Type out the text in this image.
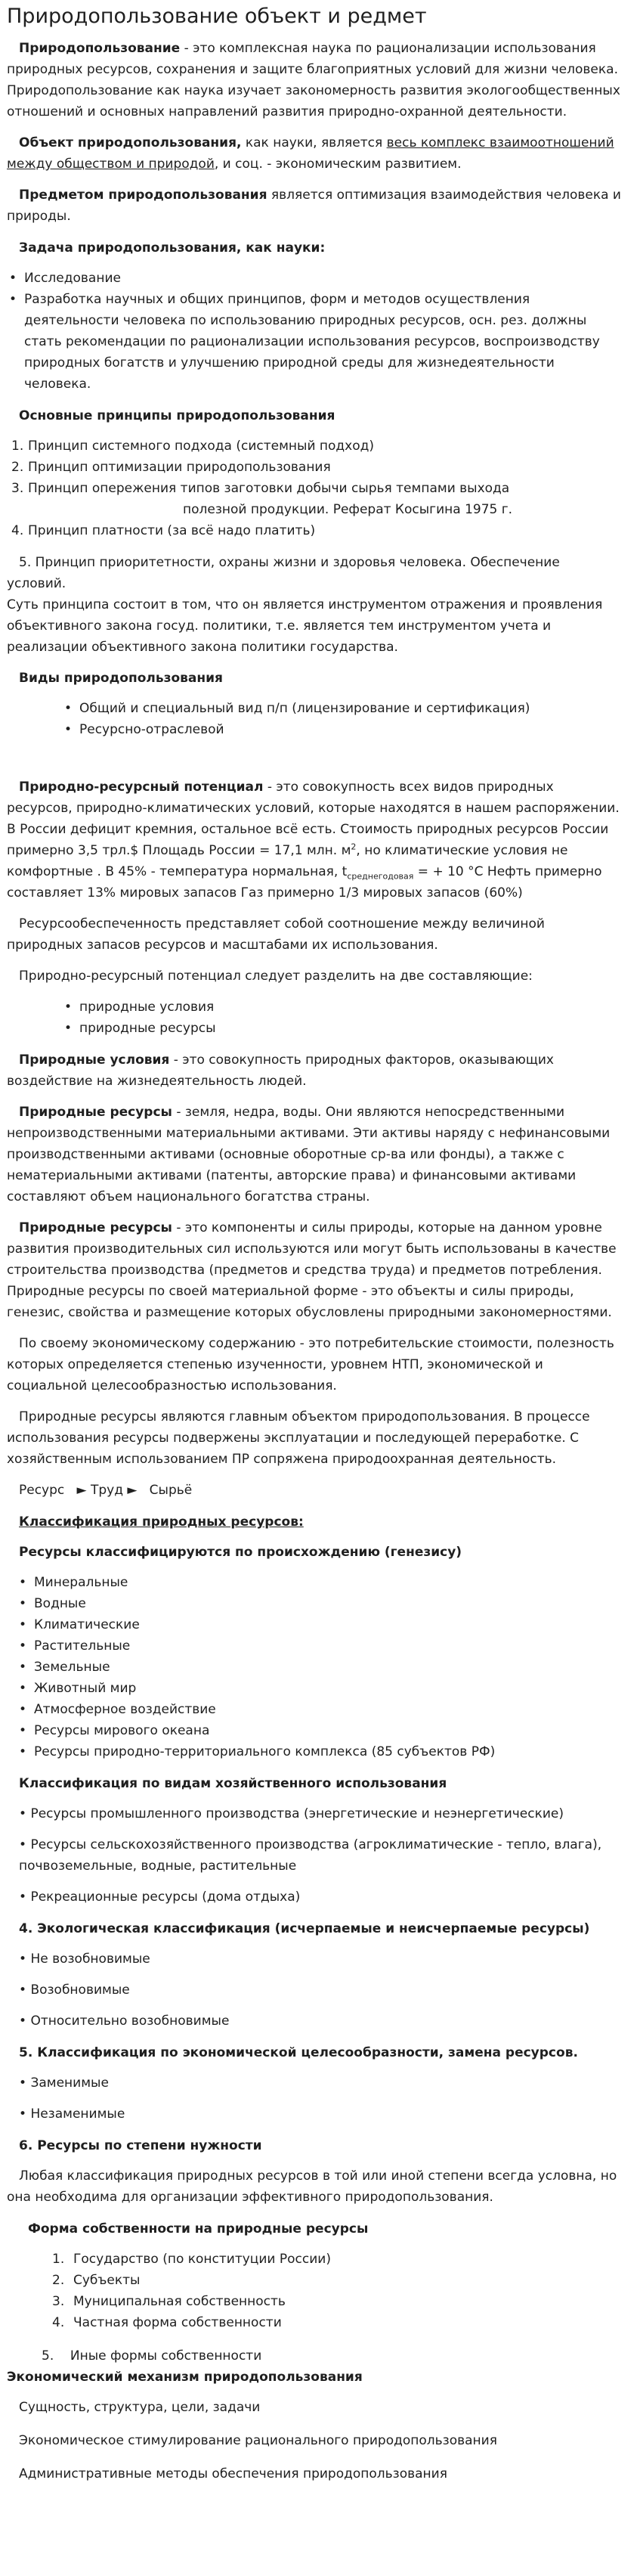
Природопользование объект и редмет

Природопользование - это комплексная наука по рационализации использования природных ресурсов, сохранения и защите благоприятных условий для жизни человека. Природопользование как наука изучает закономерность развития экологообщественных отношений и основных направлений развития природно-охранной деятельности.

Объект природопользования, как науки, является весь комплекс взаимоотношений между обществом и природой, и соц. - экономическим развитием.

Предметом природопользования является оптимизация взаимодействия человека и природы.

Задача природопользования, как науки:
• Исследование
• Разработка научных и общих принципов, форм и методов осуществления деятельности человека по использованию природных ресурсов, осн. рез. должны стать рекомендации по рационализации использования ресурсов, воспроизводству природных богатств и улучшению природной среды для жизнедеятельности человека.
Основные принципы природопользования
1. Принцип системного подхода (системный подход)
2. Принцип оптимизации природопользования
3. Принцип опережения типов заготовки добычи сырья темпами выхода
полезной продукции. Реферат Косыгина 1975 г.
4. Принцип платности (за всё надо платить)

5. Принцип приоритетности, охраны жизни и здоровья человека. Обеспечение условий.

Суть принципа состоит в том, что он является инструментом отражения и проявления объективного закона госуд. политики, т.е. является тем инструментом учета и реализации объективного закона политики государства.

Виды природопользования
• Общий и специальный вид п/п (лицензирование и сертификация)
• Ресурсно-отраслевой

Природно-ресурсный потенциал - это совокупность всех видов природных ресурсов, природно-климатических условий, которые находятся в нашем распоряжении. В России дефицит кремния, остальное всё есть. Стоимость природных ресурсов России примерно 3,5 трл.$ Площадь России = 17,1 млн. $м^2$, но климатические условия не комфортные . В 45% - температура нормальная, $t_{среднегодовая}$ = + 10 °С Нефть примерно составляет 13% мировых запасов Газ примерно 1/3 мировых запасов (60%)

Ресурсообеспеченность представляет собой соотношение между величиной природных запасов ресурсов и масштабами их использования.

Природно-ресурсный потенциал следует разделить на две составляющие:

• природные условия
• природные ресурсы

Природные условия - это совокупность природных факторов, оказывающих воздействие на жизнедеятельность людей.

Природные ресурсы - земля, недра, воды. Они являются непосредственными непроизводственными материальными активами. Эти активы наряду с нефинансовыми производственными активами (основные оборотные ср-ва или фонды), а также с нематериальными активами (патенты, авторские права) и финансовыми активами составляют объем национального богатства страны.

Природные ресурсы - это компоненты и силы природы, которые на данном уровне развития производительных сил используются или могут быть использованы в качестве строительства производства (предметов и средства труда) и предметов потребления. Природные ресурсы по своей материальной форме - это объекты и силы природы, генезис, свойства и размещение которых обусловлены природными закономерностями.

По своему экономическому содержанию - это потребительские стоимости, полезность которых определяется степенью изученности, уровнем НТП, экономической и социальной целесообразностью использования.

Природные ресурсы являются главным объектом природопользования. В процессе использования ресурсы подвержены эксплуатации и последующей переработке. С хозяйственным использованием ПР сопряжена природоохранная деятельность.

Ресурс ► Труд ► Сырьё

Классификация природных ресурсов:
Ресурсы классифицируются по происхождению (генезису)
• Минеральные
• Водные
• Климатические
• Растительные
• Земельные
• Животный мир
• Атмосферное воздействие
• Ресурсы мирового океана
• Ресурсы природно-территориального комплекса (85 субъектов РФ)
Классификация по видам хозяйственного использования

• Ресурсы промышленного производства (энергетические и неэнергетические)

• Ресурсы сельскохозяйственного производства (агроклиматические - тепло, влага), почвоземельные, водные, растительные

• Рекреационные ресурсы (дома отдыха)

4. Экологическая классификация (исчерпаемые и неисчерпаемые ресурсы)

• Не возобновимые

• Возобновимые

• Относительно возобновимые

5. Классификация по экономической целесообразности, замена ресурсов.

• Заменимые

• Незаменимые

6. Ресурсы по степени нужности

Любая классификация природных ресурсов в той или иной степени всегда условна, но она необходима для организации эффективного природопользования.

Форма собственности на природные ресурсы
1. Государство (по конституции России)
2. Субъекты
3. Муниципальная собственность
4. Частная форма собственности

5. Иные формы собственности

Экономический механизм природопользования

Сущность, структура, цели, задачи

Экономическое стимулирование рационального природопользования

Административные методы обеспечения природопользования
